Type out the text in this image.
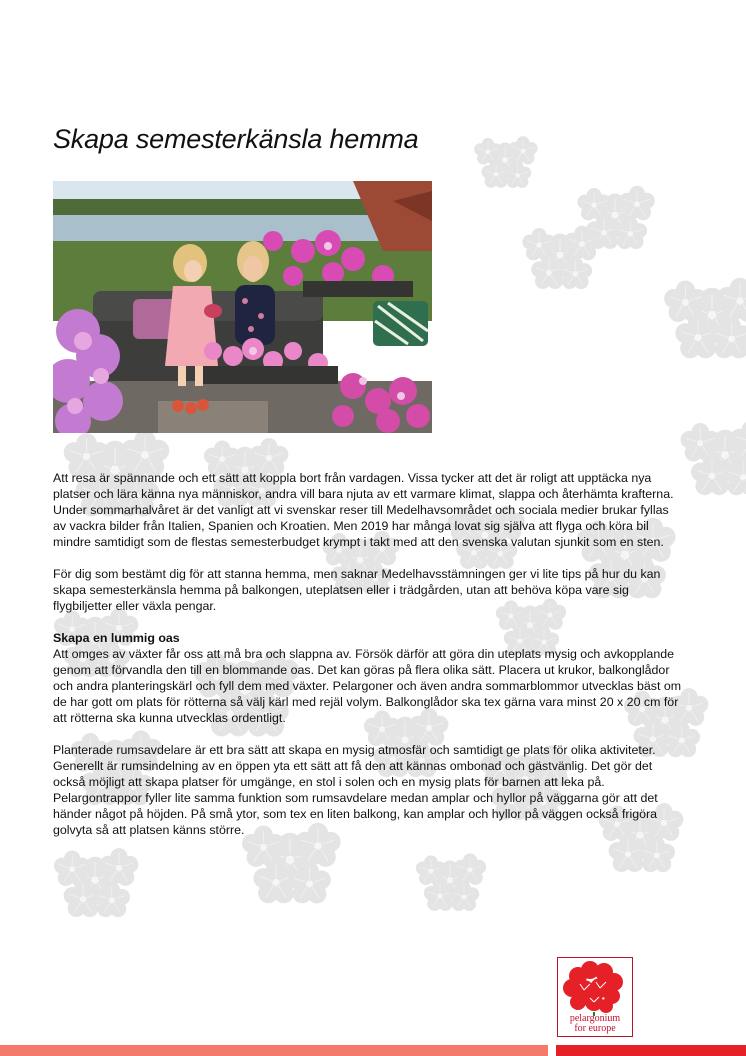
Skapa semesterkänsla hemma

Att resa är spännande och ett sätt att koppla bort från vardagen. Vissa tycker att det är roligt att upptäcka nya platser och lära känna nya människor, andra vill bara njuta av ett varmare klimat, slappa och återhämta krafterna. Under sommarhalvåret är det vanligt att vi svenskar reser till Medelhavsområdet och sociala medier brukar fyllas av vackra bilder från Italien, Spanien och Kroatien. Men 2019 har många lovat sig själva att flyga och köra bil mindre samtidigt som de flestas semesterbudget krympt i takt med att den svenska valutan sjunkit som en sten.

För dig som bestämt dig för att stanna hemma, men saknar Medelhavsstämningen ger vi lite tips på hur du kan skapa semesterkänsla hemma på balkongen, uteplatsen eller i trädgården, utan att behöva köpa vare sig flygbiljetter eller växla pengar.

Skapa en lummig oas

Att omges av växter får oss att må bra och slappna av. Försök därför att göra din uteplats mysig och avkopplande genom att förvandla den till en blommande oas. Det kan göras på flera olika sätt. Placera ut krukor, balkonglådor och andra planteringskärl och fyll dem med växter. Pelargoner och även andra sommarblommor utvecklas bäst om de har gott om plats för rötterna så välj kärl med rejäl volym. Balkonglådor ska tex gärna vara minst 20 x 20 cm för att rötterna ska kunna utvecklas ordentligt.

Planterade rumsavdelare är ett bra sätt att skapa en mysig atmosfär och samtidigt ge plats för olika aktiviteter. Generellt är rumsindelning av en öppen yta ett sätt att få den att kännas ombonad och gästvänlig. Det gör det också möjligt att skapa platser för umgänge, en stol i solen och en mysig plats för barnen att leka på. Pelargontrappor fyller lite samma funktion som rumsavdelare medan amplar och hyllor på väggarna gör att det händer något på höjden. På små ytor, som tex en liten balkong, kan amplar och hyllor på väggen också frigöra golvyta så att platsen känns större.

pelargonium
for europe
